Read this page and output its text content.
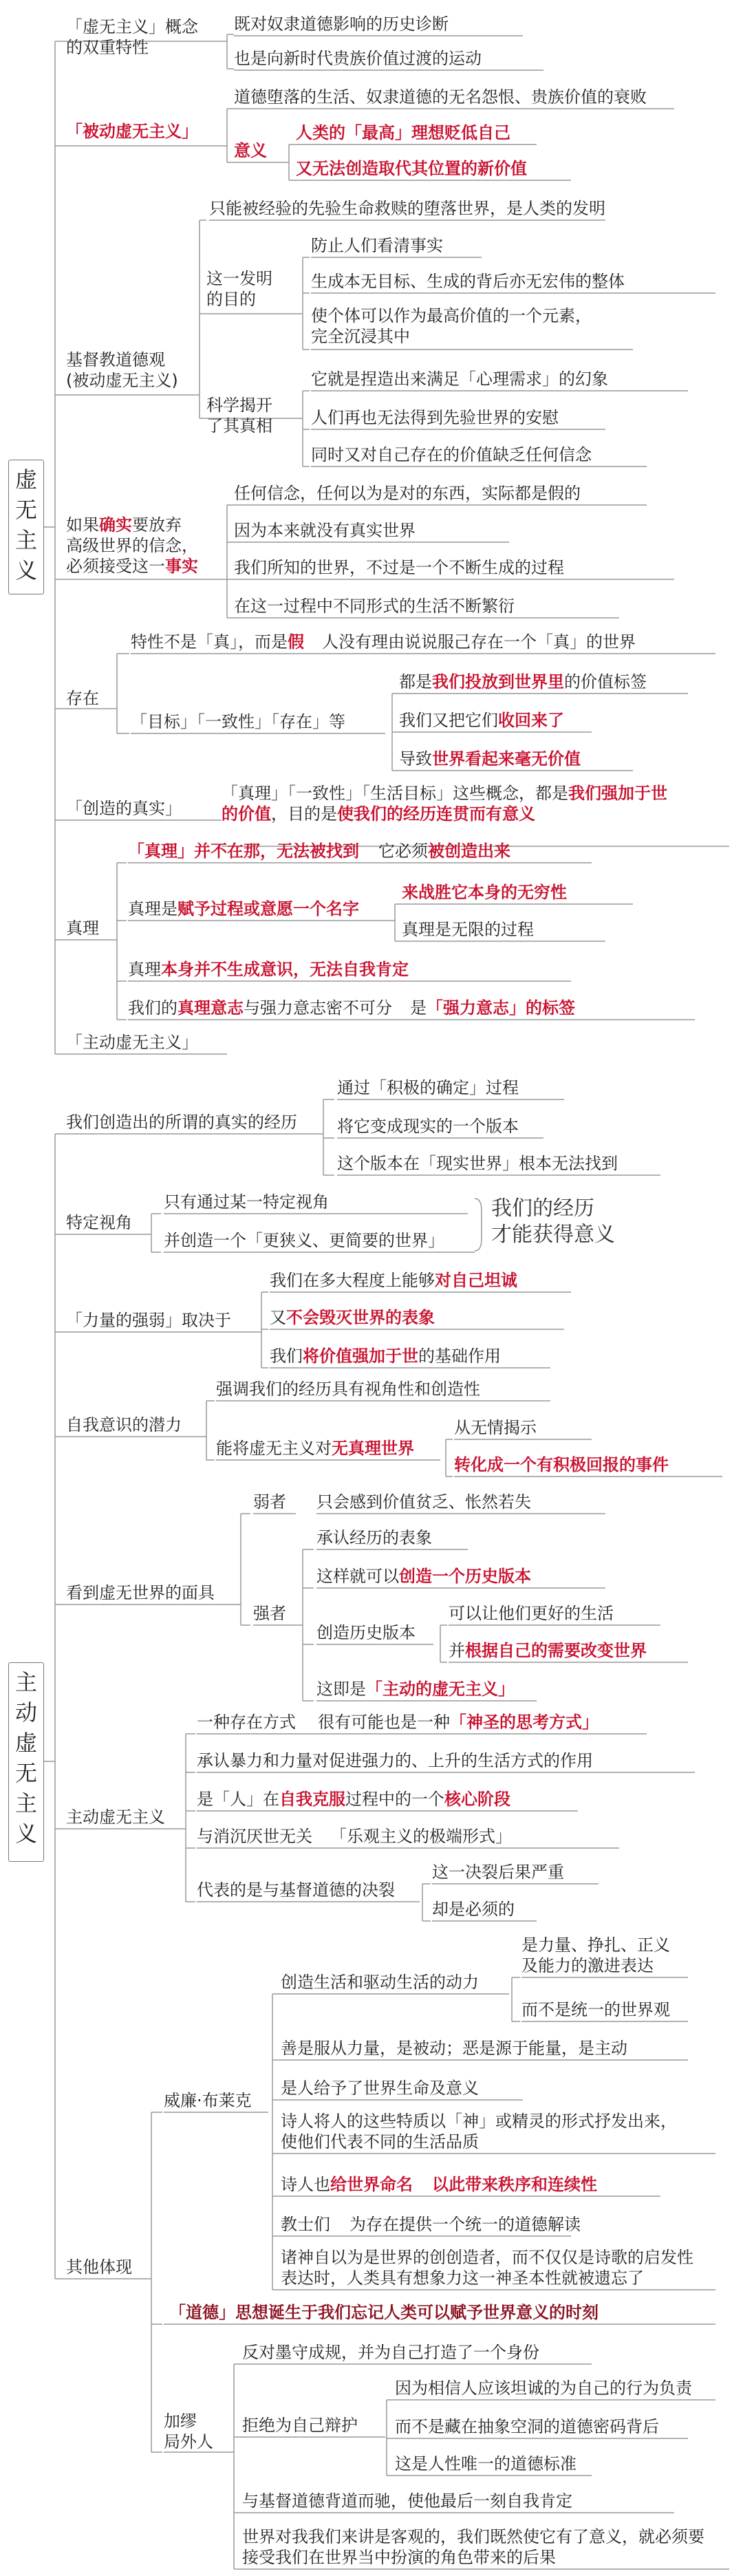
虚
无
主
义
「虚无主义」概念
的双重特性
既对奴隶道德影响的历史诊断
也是向新时代贵族价值过渡的运动
「被动虚无主义」
道德堕落的生活、奴隶道德的无名怨恨、贵族价值的衰败
意义
人类的「最高」理想贬低自己
又无法创造取代其位置的新价值
基督教道德观
(被动虚无主义)
只能被经验的先验生命救赎的堕落世界，是人类的发明
这一发明
的目的
防止人们看清事实
生成本无目标、生成的背后亦无宏伟的整体
使个体可以作为最高价值的一个元素，
完全沉浸其中
科学揭开
了其真相
它就是捏造出来满足「心理需求」的幻象
人们再也无法得到先验世界的安慰
同时又对自己存在的价值缺乏任何信念
如果确实要放弃
高级世界的信念，
必须接受这一事实
任何信念，任何以为是对的东西，实际都是假的
因为本来就没有真实世界
我们所知的世界，不过是一个不断生成的过程
在这一过程中不同形式的生活不断繁衍
存在
特性不是「真」，而是假 人没有理由说说服己存在一个「真」的世界
「目标」「一致性」「存在」等
都是我们投放到世界里的价值标签
我们又把它们收回来了
导致世界看起来毫无价值
「创造的真实」
「真理」「一致性」「生活目标」这些概念，都是我们强加于世
的价值，目的是使我们的经历连贯而有意义
真理
「真理」并不在那，无法被找到 它必须被创造出来
真理是赋予过程或意愿一个名字
来战胜它本身的无穷性
真理是无限的过程
真理本身并不生成意识，无法自我肯定
我们的真理意志与强力意志密不可分 是「强力意志」的标签
「主动虚无主义」
主
动
虚
无
主
义
我们创造出的所谓的真实的经历
通过「积极的确定」过程
将它变成现实的一个版本
这个版本在「现实世界」根本无法找到
特定视角
只有通过某一特定视角
并创造一个「更狭义、更简要的世界」
我们的经历
才能获得意义
「力量的强弱」取决于
我们在多大程度上能够对自己坦诚
又不会毁灭世界的表象
我们将价值强加于世的基础作用
自我意识的潜力
强调我们的经历具有视角性和创造性
能将虚无主义对无真理世界
从无情揭示
转化成一个有积极回报的事件
看到虚无世界的面具
弱者 只会感到价值贫乏、怅然若失
强者
承认经历的表象
这样就可以创造一个历史版本
创造历史版本
可以让他们更好的生活
并根据自己的需要改变世界
这即是「主动的虚无主义」
主动虚无主义
一种存在方式 很有可能也是一种「神圣的思考方式」
承认暴力和力量对促进强力的、上升的生活方式的作用
是「人」在自我克服过程中的一个核心阶段
与消沉厌世无关 「乐观主义的极端形式」
代表的是与基督道德的决裂
这一决裂后果严重
却是必须的
其他体现
威廉·布莱克
创造生活和驱动生活的动力
是力量、挣扎、正义
及能力的激进表达
而不是统一的世界观
善是服从力量，是被动；恶是源于能量，是主动
是人给予了世界生命及意义
诗人将人的这些特质以「神」或精灵的形式抒发出来，
使他们代表不同的生活品质
诗人也给世界命名 以此带来秩序和连续性
教士们 为存在提供一个统一的道德解读
诸神自以为是世界的创创造者，而不仅仅是诗歌的启发性
表达时，人类具有想象力这一神圣本性就被遗忘了
「道德」思想诞生于我们忘记人类可以赋予世界意义的时刻
加缪
局外人
反对墨守成规，并为自己打造了一个身份
拒绝为自己辩护
因为相信人应该坦诚的为自己的行为负责
而不是藏在抽象空洞的道德密码背后
这是人性唯一的道德标准
与基督道德背道而驰，使他最后一刻自我肯定
世界对我我们来讲是客观的，我们既然使它有了意义，就必须要
接受我们在世界当中扮演的角色带来的后果
